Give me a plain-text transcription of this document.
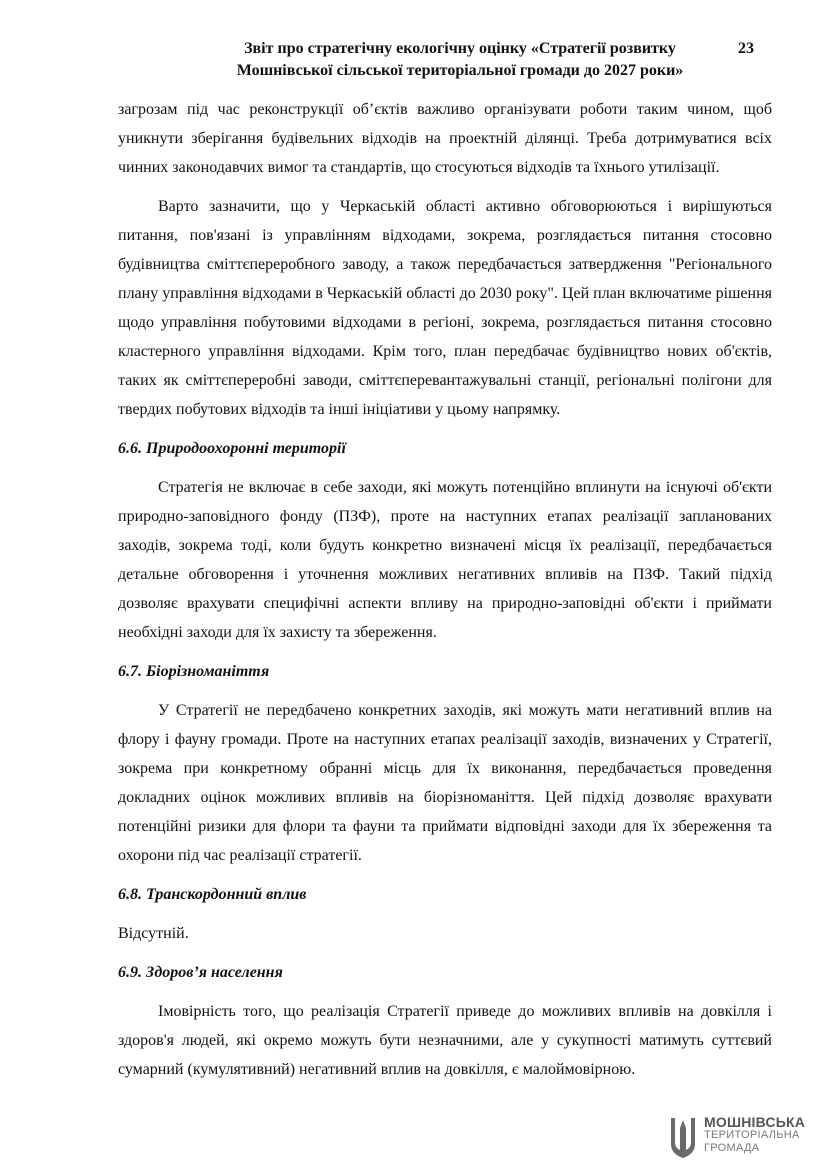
Звіт про стратегічну екологічну оцінку «Стратегії розвитку
Мошнівської сільської територіальної громади до 2027 роки»
23

загрозам під час реконструкції об’єктів важливо організувати роботи таким чином, щоб уникнути зберігання будівельних відходів на проектній ділянці. Треба дотримуватися всіх чинних законодавчих вимог та стандартів, що стосуються відходів та їхнього утилізації.

Варто зазначити, що у Черкаській області активно обговорюються і вирішуються питання, пов'язані із управлінням відходами, зокрема, розглядається питання стосовно будівництва сміттєпереробного заводу, а також передбачається затвердження "Регіонального плану управління відходами в Черкаській області до 2030 року". Цей план включатиме рішення щодо управління побутовими відходами в регіоні, зокрема, розглядається питання стосовно кластерного управління відходами. Крім того, план передбачає будівництво нових об'єктів, таких як сміттєпереробні заводи, сміттєперевантажувальні станції, регіональні полігони для твердих побутових відходів та інші ініціативи у цьому напрямку.

6.6. Природоохоронні території

Стратегія не включає в себе заходи, які можуть потенційно вплинути на існуючі об'єкти природно-заповідного фонду (ПЗФ), проте на наступних етапах реалізації запланованих заходів, зокрема тоді, коли будуть конкретно визначені місця їх реалізації, передбачається детальне обговорення і уточнення можливих негативних впливів на ПЗФ. Такий підхід дозволяє врахувати специфічні аспекти впливу на природно-заповідні об'єкти і приймати необхідні заходи для їх захисту та збереження.

6.7. Біорізноманіття

У Стратегії не передбачено конкретних заходів, які можуть мати негативний вплив на флору і фауну громади. Проте на наступних етапах реалізації заходів, визначених у Стратегії, зокрема при конкретному обранні місць для їх виконання, передбачається проведення докладних оцінок можливих впливів на біорізноманіття. Цей підхід дозволяє врахувати потенційні ризики для флори та фауни та приймати відповідні заходи для їх збереження та охорони під час реалізації стратегії.

6.8. Транскордонний вплив

Відсутній.

6.9. Здоров’я населення

Імовірність того, що реалізація Стратегії приведе до можливих впливів на довкілля і здоров'я людей, які окремо можуть бути незначними, але у сукупності матимуть суттєвий сумарний (кумулятивний) негативний вплив на довкілля, є малоймовірною.

МОШНІВСЬКА
ТЕРИТОРІАЛЬНА
ГРОМАДА
